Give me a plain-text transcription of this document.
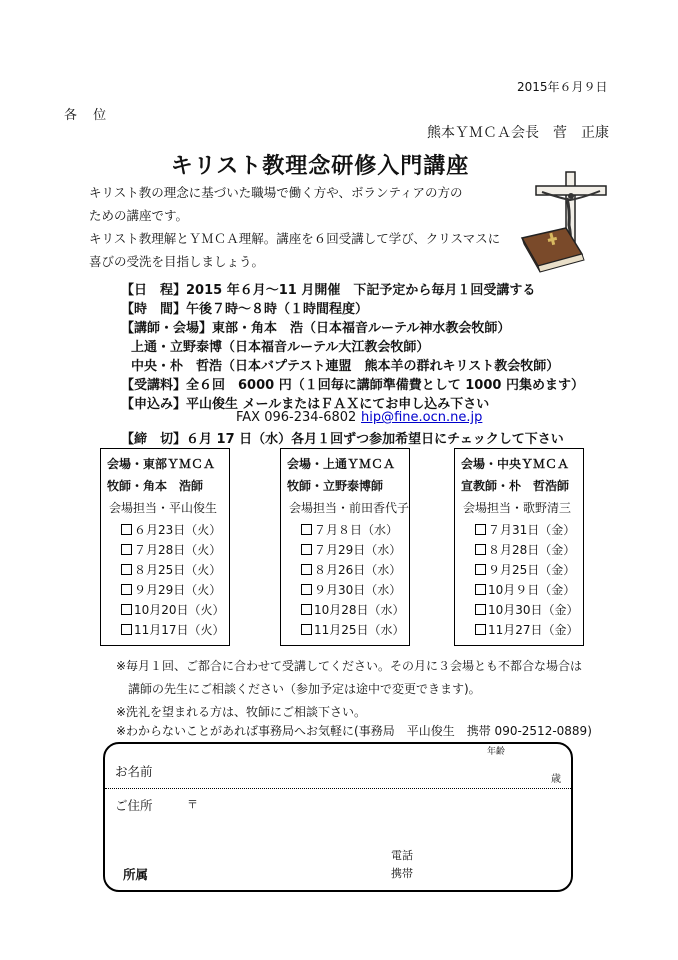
2015年６月９日
各 位
熊本ＹＭＣＡ会長　菅　正康
キリスト教理念研修入門講座
キリスト教の理念に基づいた職場で働く方や、ボランティアの方の
ための講座です。
キリスト教理解とＹＭＣＡ理解。講座を６回受講して学び、クリスマスに
喜びの受洗を目指しましょう。
【日　程】2015 年６月～11 月開催　下記予定から毎月１回受講する
【時　間】午後７時～８時（１時間程度）
【講師・会場】東部・角本　浩（日本福音ルーテル神水教会牧師）
上通・立野泰博（日本福音ルーテル大江教会牧師）
中央・朴　哲浩（日本バプテスト連盟　熊本羊の群れキリスト教会牧師）
【受講料】全６回　6000 円（１回毎に講師準備費として 1000 円集めます）
【申込み】平山俊生 メールまたはＦＡＸにてお申し込み下さい
FAX 096-234-6802 hip@fine.ocn.ne.jp
【締　切】６月 17 日（水）各月１回ずつ参加希望日にチェックして下さい
会場・東部ＹＭＣＡ
牧師・角本　浩師
会場担当・平山俊生
６月23日（火）
７月28日（火）
８月25日（火）
９月29日（火）
10月20日（火）
11月17日（火）
会場・上通ＹＭＣＡ
牧師・立野泰博師
会場担当・前田香代子
７月８日（水）
７月29日（水）
８月26日（水）
９月30日（水）
10月28日（水）
11月25日（水）
会場・中央ＹＭＣＡ
宣教師・朴　哲浩師
会場担当・歌野清三
７月31日（金）
８月28日（金）
９月25日（金）
10月９日（金）
10月30日（金）
11月27日（金）
※毎月１回、ご都合に合わせて受講してください。その月に３会場とも不都合な場合は
　講師の先生にご相談ください（参加予定は途中で変更できます)。
※洗礼を望まれる方は、牧師にご相談下さい。
※わからないことがあれば事務局へお気軽に(事務局　平山俊生　携帯 090-2512-0889)
年齢
お名前
歳
ご住所	〒
電話
所属	携帯
